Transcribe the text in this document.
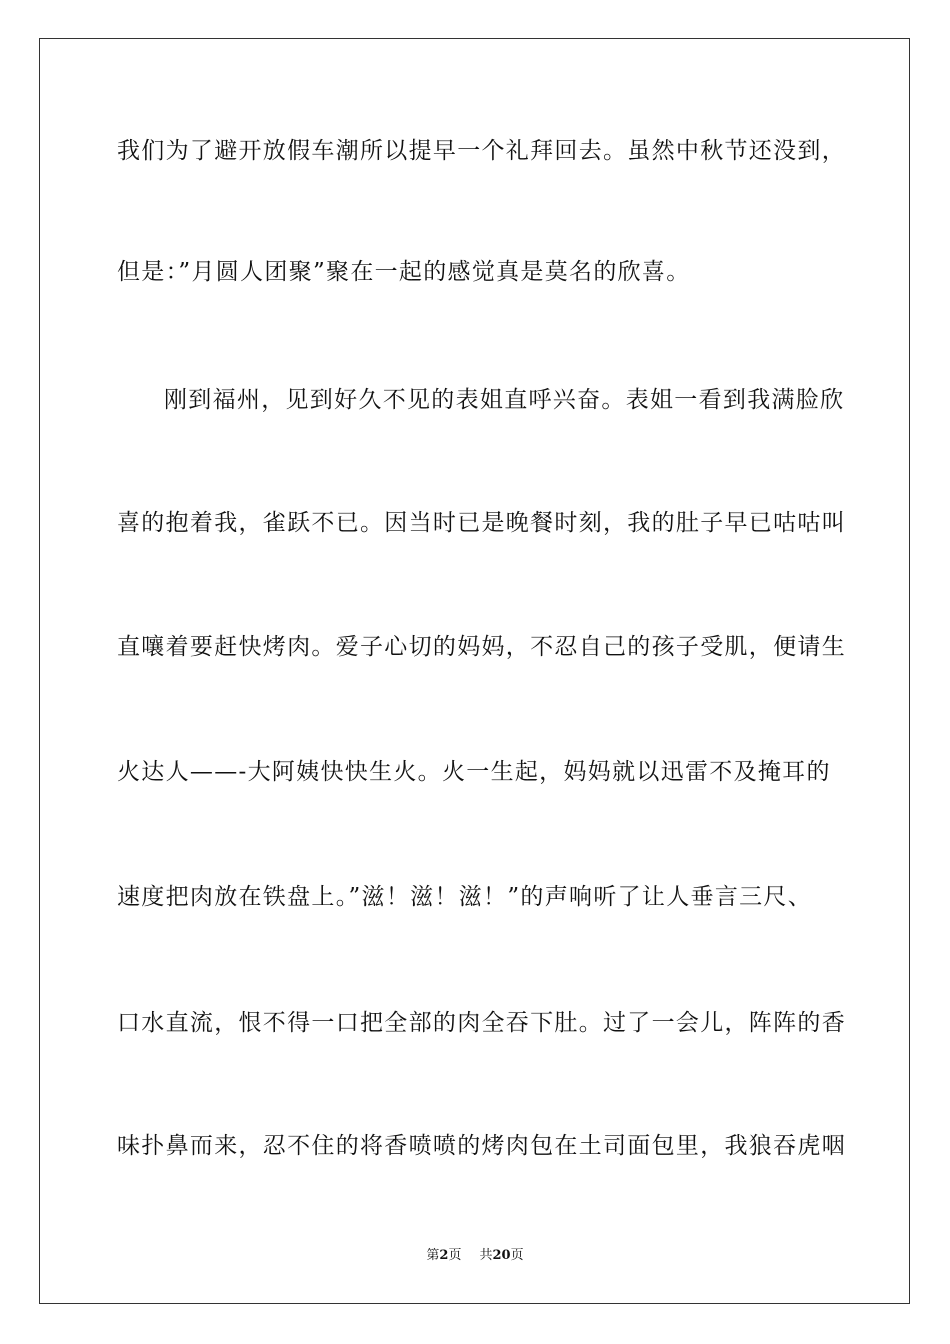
我们为了避开放假车潮所以提早一个礼拜回去。虽然中秋节还没到，
但是：”月圆人团聚”聚在一起的感觉真是莫名的欣喜。
刚到福州，见到好久不见的表姐直呼兴奋。表姐一看到我满脸欣
喜的抱着我，雀跃不已。因当时已是晚餐时刻，我的肚子早已咕咕叫
直嚷着要赶快烤肉。爱子心切的妈妈，不忍自己的孩子受肌，便请生
火达人——-大阿姨快快生火。火一生起，妈妈就以迅雷不及掩耳的
速度把肉放在铁盘上。”滋！滋！滋！”的声响听了让人垂言三尺、
口水直流，恨不得一口把全部的肉全吞下肚。过了一会儿，阵阵的香
味扑鼻而来，忍不住的将香喷喷的烤肉包在土司面包里，我狼吞虎咽
第2页 共20页
